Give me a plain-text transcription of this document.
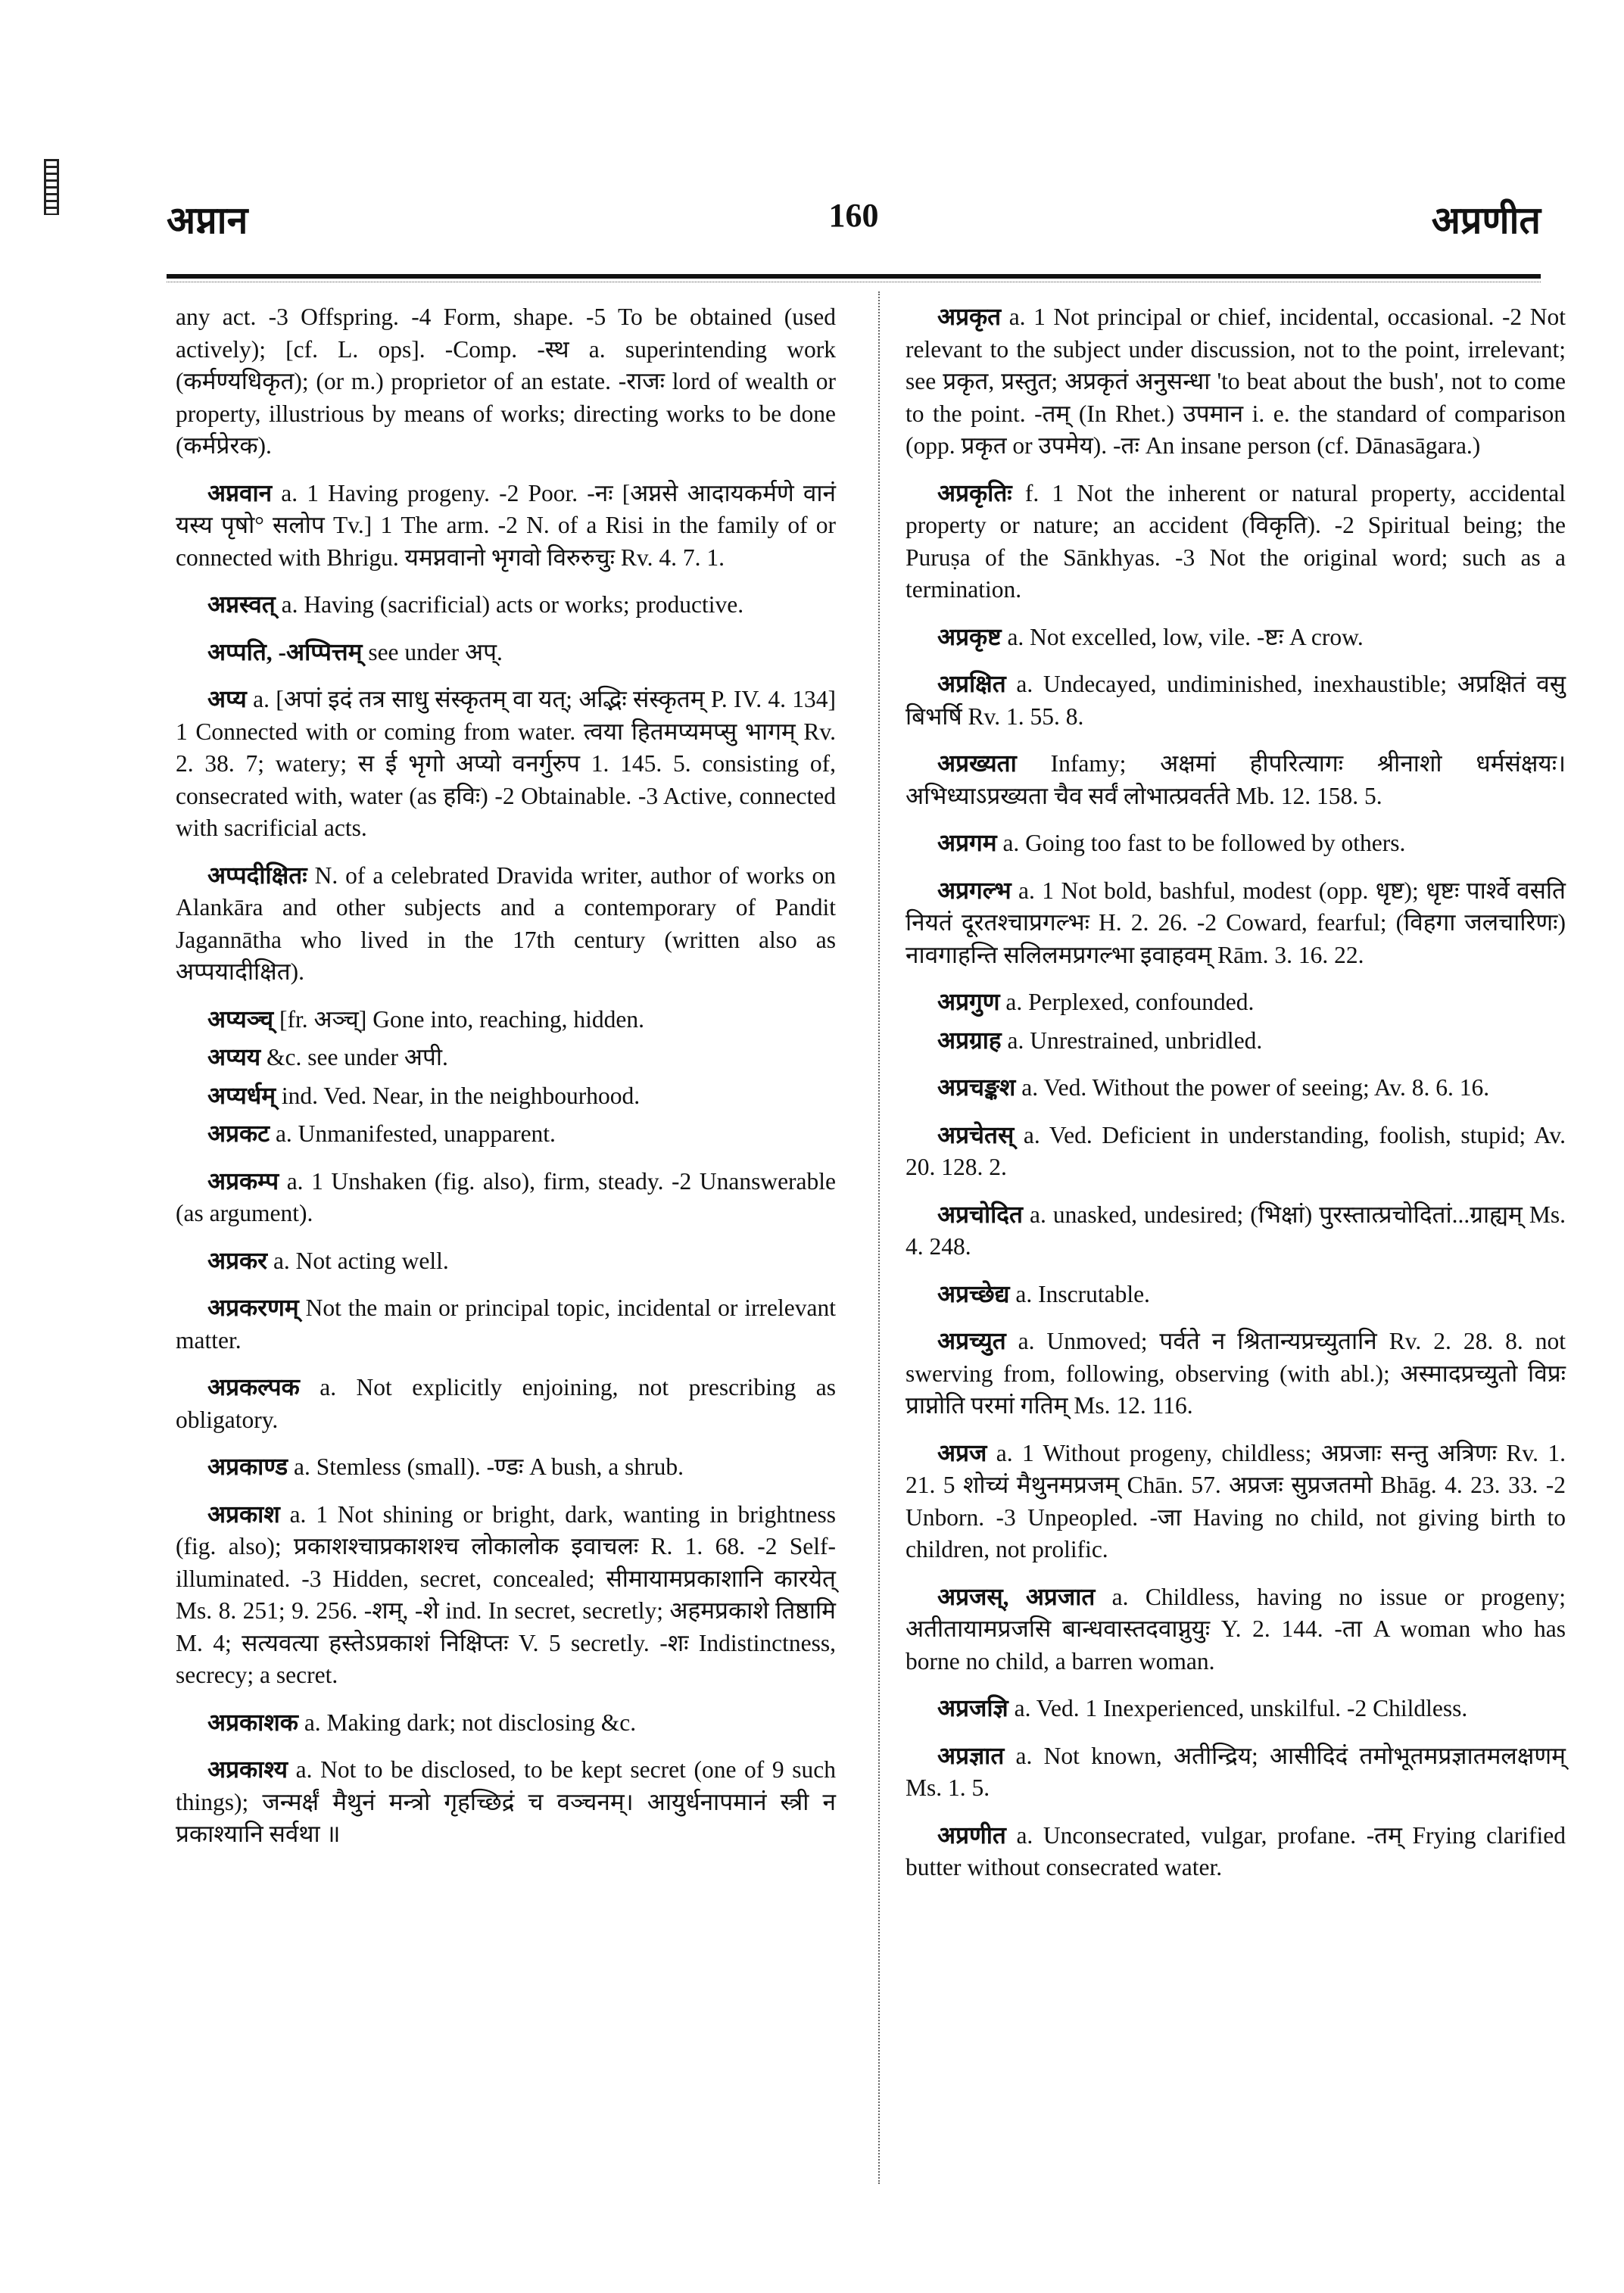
अप्नान	160	अप्रणीत

any act. -3 Offspring. -4 Form, shape. -5 To be obtained (used actively); [cf. L. ops]. -Comp. -स्थ a. superintending work (कर्मण्यधिकृत); (or m.) proprietor of an estate. -राजः lord of wealth or property, illustrious by means of works; directing works to be done (कर्मप्रेरक).

अप्नवान a. 1 Having progeny. -2 Poor. -नः [अप्नसे आदायकर्मणे वानं यस्य पृषो° सलोप Tv.] 1 The arm. -2 N. of a Risi in the family of or connected with Bhrigu. यमप्नवानो भृगवो विरुरुचुः Rv. 4. 7. 1.

अप्नस्वत् a. Having (sacrificial) acts or works; productive.

अप्पति, -अप्पित्तम् see under अप्.

अप्य a. [अपां इदं तत्र साधु संस्कृतम् वा यत्; अद्भिः संस्कृतम् P. IV. 4. 134] 1 Connected with or coming from water. त्वया हितमप्यमप्सु भागम् Rv. 2. 38. 7; watery; स ई भृगो अप्यो वनर्गुरुप 1. 145. 5. consisting of, consecrated with, water (as हविः) -2 Obtainable. -3 Active, connected with sacrificial acts.

अप्पदीक्षितः N. of a celebrated Dravida writer, author of works on Alankāra and other subjects and a contemporary of Pandit Jagannātha who lived in the 17th century (written also as अप्पयादीक्षित).

अप्यञ्च् [fr. अञ्च्] Gone into, reaching, hidden.

अप्यय &c. see under अपी.

अप्यर्धम् ind. Ved. Near, in the neighbourhood.

अप्रकट a. Unmanifested, unapparent.

अप्रकम्प a. 1 Unshaken (fig. also), firm, steady. -2 Unanswerable (as argument).

अप्रकर a. Not acting well.

अप्रकरणम् Not the main or principal topic, incidental or irrelevant matter.

अप्रकल्पक a. Not explicitly enjoining, not prescribing as obligatory.

अप्रकाण्ड a. Stemless (small). -ण्डः A bush, a shrub.

अप्रकाश a. 1 Not shining or bright, dark, wanting in brightness (fig. also); प्रकाशश्चाप्रकाशश्च लोकालोक इवाचलः R. 1. 68. -2 Self-illuminated. -3 Hidden, secret, concealed; सीमायामप्रकाशानि कारयेत् Ms. 8. 251; 9. 256. -शम्, -शे ind. In secret, secretly; अहमप्रकाशे तिष्ठामि M. 4; सत्यवत्या हस्तेऽप्रकाशं निक्षिप्तः V. 5 secretly. -शः Indistinctness, secrecy; a secret.

अप्रकाशक a. Making dark; not disclosing &c.

अप्रकाश्य a. Not to be disclosed, to be kept secret (one of 9 such things); जन्मर्क्षं मैथुनं मन्त्रो गृहच्छिद्रं च वञ्चनम्। आयुर्धनापमानं स्त्री न प्रकाश्यानि सर्वथा ॥

अप्रकृत a. 1 Not principal or chief, incidental, occasional. -2 Not relevant to the subject under discussion, not to the point, irrelevant; see प्रकृत, प्रस्तुत; अप्रकृतं अनुसन्धा 'to beat about the bush', not to come to the point. -तम् (In Rhet.) उपमान i. e. the standard of comparison (opp. प्रकृत or उपमेय). -तः An insane person (cf. Dānasāgara.)

अप्रकृतिः f. 1 Not the inherent or natural property, accidental property or nature; an accident (विकृति). -2 Spiritual being; the Puruṣa of the Sānkhyas. -3 Not the original word; such as a termination.

अप्रकृष्ट a. Not excelled, low, vile. -ष्टः A crow.

अप्रक्षित a. Undecayed, undiminished, inexhaustible; अप्रक्षितं वसु बिभर्षि Rv. 1. 55. 8.

अप्रख्यता Infamy; अक्षमां हीपरित्यागः श्रीनाशो धर्मसंक्षयः। अभिध्याऽप्रख्यता चैव सर्वं लोभात्प्रवर्तते Mb. 12. 158. 5.

अप्रगम a. Going too fast to be followed by others.

अप्रगल्भ a. 1 Not bold, bashful, modest (opp. धृष्ट); धृष्टः पार्श्वे वसति नियतं दूरतश्चाप्रगल्भः H. 2. 26. -2 Coward, fearful; (विहगा जलचारिणः) नावगाहन्ति सलिलमप्रगल्भा इवाहवम् Rām. 3. 16. 22.

अप्रगुण a. Perplexed, confounded.

अप्रग्राह a. Unrestrained, unbridled.

अप्रचङ्कश a. Ved. Without the power of seeing; Av. 8. 6. 16.

अप्रचेतस् a. Ved. Deficient in understanding, foolish, stupid; Av. 20. 128. 2.

अप्रचोदित a. unasked, undesired; (भिक्षां) पुरस्तात्प्रचोदितां...ग्राह्यम् Ms. 4. 248.

अप्रच्छेद्य a. Inscrutable.

अप्रच्युत a. Unmoved; पर्वते न श्रितान्यप्रच्युतानि Rv. 2. 28. 8. not swerving from, following, observing (with abl.); अस्मादप्रच्युतो विप्रः प्राप्नोति परमां गतिम् Ms. 12. 116.

अप्रज a. 1 Without progeny, childless; अप्रजाः सन्तु अत्रिणः Rv. 1. 21. 5 शोच्यं मैथुनमप्रजम् Chān. 57. अप्रजः सुप्रजतमो Bhāg. 4. 23. 33. -2 Unborn. -3 Unpeopled. -जा Having no child, not giving birth to children, not prolific.

अप्रजस्, अप्रजात a. Childless, having no issue or progeny; अतीतायामप्रजसि बान्धवास्तदवाप्नुयुः Y. 2. 144. -ता A woman who has borne no child, a barren woman.

अप्रजज्ञि a. Ved. 1 Inexperienced, unskilful. -2 Childless.

अप्रज्ञात a. Not known, अतीन्द्रिय; आसीदिदं तमोभूतमप्रज्ञातमलक्षणम् Ms. 1. 5.

अप्रणीत a. Unconsecrated, vulgar, profane. -तम् Frying clarified butter without consecrated water.
